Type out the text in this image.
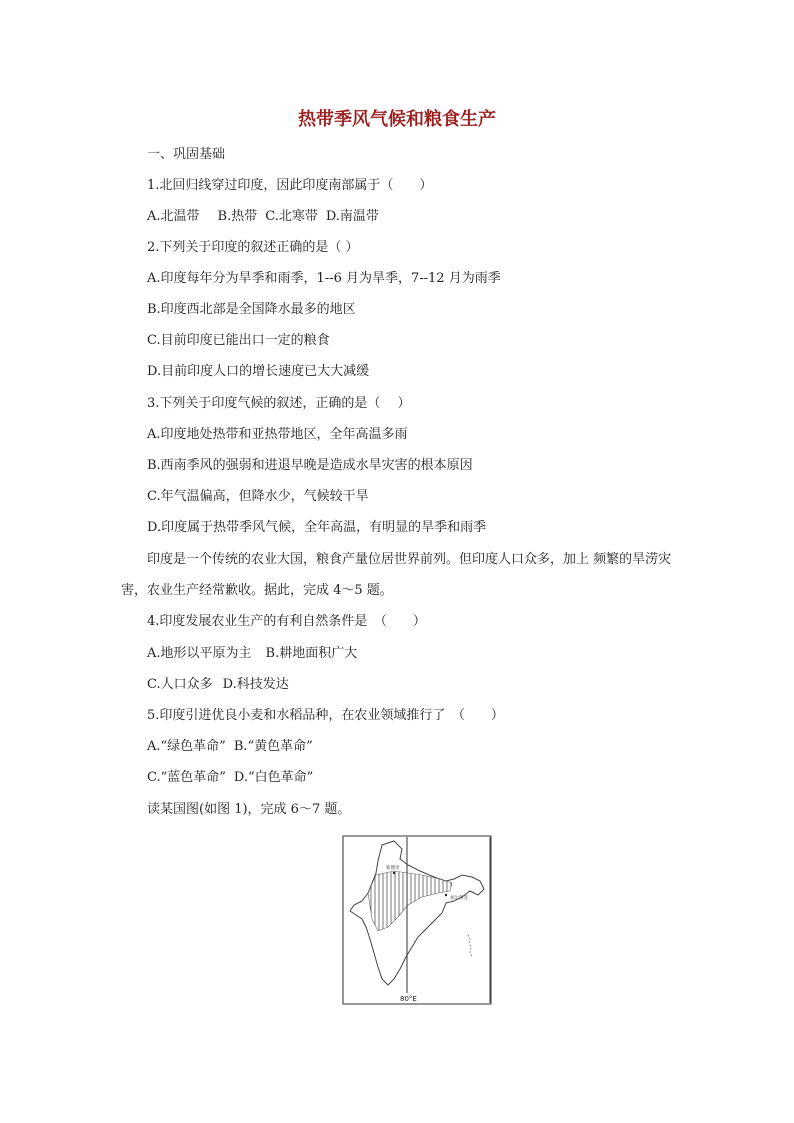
热带季风气候和粮食生产
一、巩固基础
1.北回归线穿过印度，因此印度南部属于（　　）
A.北温带 B.热带 C.北寒带 D.南温带
2.下列关于印度的叙述正确的是（ ）
A.印度每年分为旱季和雨季，1--6 月为旱季，7--12 月为雨季
B.印度西北部是全国降水最多的地区
C.目前印度已能出口一定的粮食
D.目前印度人口的增长速度已大大减缓
3.下列关于印度气候的叙述，正确的是（　 ）
A.印度地处热带和亚热带地区，全年高温多雨
B.西南季风的强弱和进退早晚是造成水旱灾害的根本原因
C.年气温偏高，但降水少，气候较干旱
D.印度属于热带季风气候，全年高温，有明显的旱季和雨季
印度是一个传统的农业大国，粮食产量位居世界前列。但印度人口众多，加上 频繁的旱涝灾害，农业生产经常歉收。据此，完成 4～5 题。
4.印度发展农业生产的有利自然条件是　（　　）
A.地形以平原为主 B.耕地面积广大
C.人口众多 D.科技发达
5.印度引进优良小麦和水稻品种，在农业领域推行了　（　　）
A.“绿色革命” B.“黄色革命”
C.“蓝色革命” D.“白色革命”
读某国图(如图 1)，完成 6～7 题。
新德里
加尔各答
80°E
